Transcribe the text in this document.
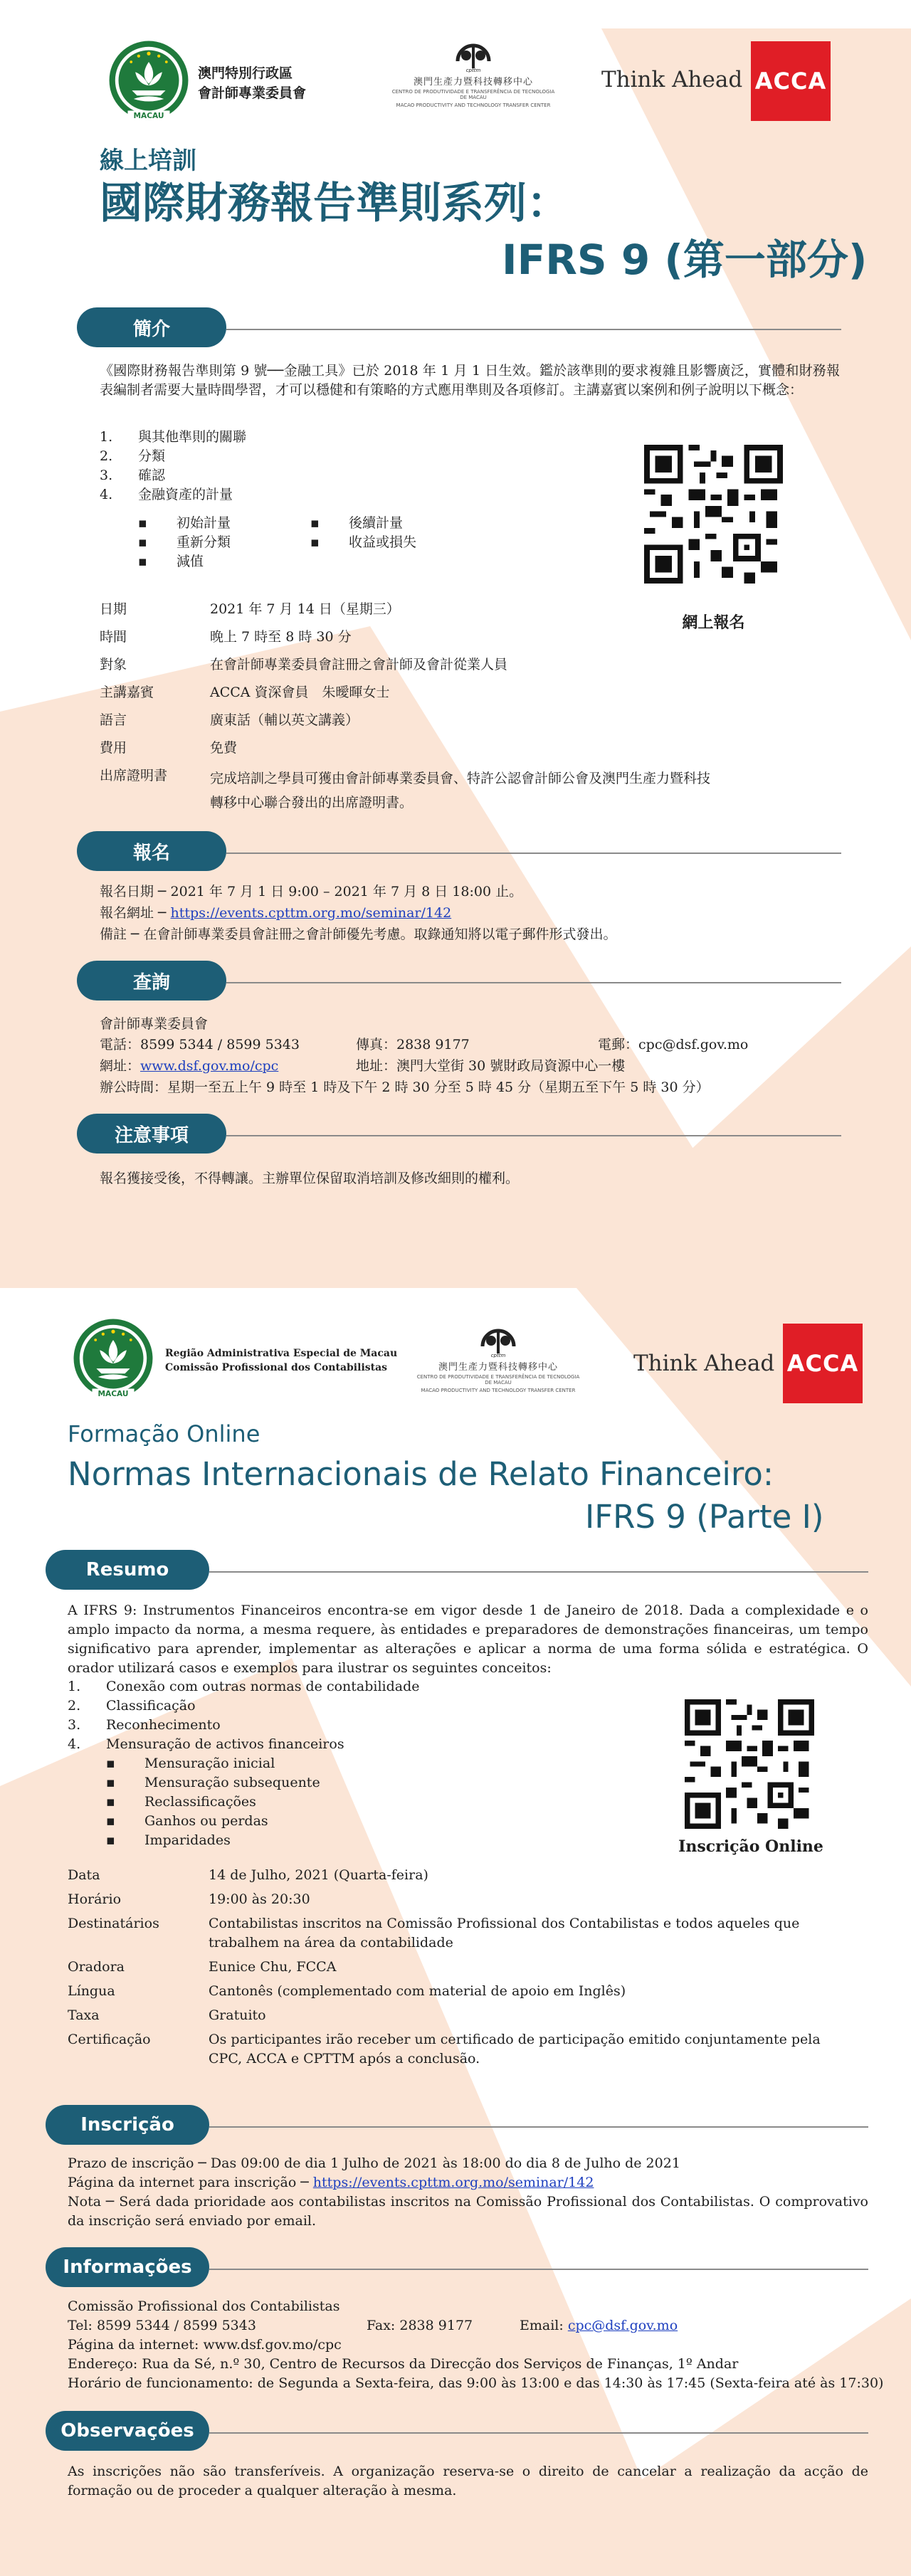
MACAU
澳門特別行政區
會計師專業委員會
cpttm
澳門生產力暨科技轉移中心
CENTRO DE PRODUTIVIDADE E TRANSFERÊNCIA DE TECNOLOGIA DE MACAU
MACAO PRODUCTIVITY AND TECHNOLOGY TRANSFER CENTER
Think Ahead ACCA
線上培訓
國際財務報告準則系列：
IFRS 9 (第一部分)
簡介
《國際財務報告準則第 9 號──金融工具》已於 2018 年 1 月 1 日生效。鑑於該準則的要求複雜且影響廣泛，實體和財務報表編制者需要大量時間學習，才可以穩健和有策略的方式應用準則及各項修訂。主講嘉賓以案例和例子說明以下概念：
1.	與其他準則的關聯
2.	分類
3.	確認
4.	金融資產的計量
▪ 初始計量
▪ 重新分類
▪ 減值
▪ 後續計量
▪ 收益或損失
網上報名
日期	2021 年 7 月 14 日（星期三）
時間	晚上 7 時至 8 時 30 分
對象	在會計師專業委員會註冊之會計師及會計從業人員
主講嘉賓	ACCA 資深會員　朱曖暉女士
語言	廣東話（輔以英文講義）
費用	免費
出席證明書	完成培訓之學員可獲由會計師專業委員會、特許公認會計師公會及澳門生產力暨科技轉移中心聯合發出的出席證明書。
報名
報名日期 ─ 2021 年 7 月 1 日 9:00 – 2021 年 7 月 8 日 18:00 止。
報名網址 ─ https://events.cpttm.org.mo/seminar/142
備註 ─ 在會計師專業委員會註冊之會計師優先考慮。取錄通知將以電子郵件形式發出。
查詢
會計師專業委員會
電話：8599 5344 / 8599 5343	傳真：2838 9177	電郵：cpc@dsf.gov.mo
網址：www.dsf.gov.mo/cpc	地址：澳門大堂街 30 號財政局資源中心一樓
辦公時間：星期一至五上午 9 時至 1 時及下午 2 時 30 分至 5 時 45 分（星期五至下午 5 時 30 分）
注意事項
報名獲接受後，不得轉讓。主辦單位保留取消培訓及修改細則的權利。
MACAU
Região Administrativa Especial de Macau
Comissão Profissional dos Contabilistas
cpttm
澳門生產力暨科技轉移中心
CENTRO DE PRODUTIVIDADE E TRANSFERÊNCIA DE TECNOLOGIA DE MACAU
MACAO PRODUCTIVITY AND TECHNOLOGY TRANSFER CENTER
Think Ahead ACCA
Formação Online
Normas Internacionais de Relato Financeiro:
IFRS 9 (Parte I)
Resumo
A IFRS 9: Instrumentos Financeiros encontra-se em vigor desde 1 de Janeiro de 2018. Dada a complexidade e o amplo impacto da norma, a mesma requere, às entidades e preparadores de demonstrações financeiras, um tempo significativo para aprender, implementar as alterações e aplicar a norma de uma forma sólida e estratégica. O orador utilizará casos e exemplos para ilustrar os seguintes conceitos:
1.	Conexão com outras normas de contabilidade
2.	Classificação
3.	Reconhecimento
4.	Mensuração de activos financeiros
▪ Mensuração inicial
▪ Mensuração subsequente
▪ Reclassificações
▪ Ganhos ou perdas
▪ Imparidades	Inscrição Online
Data	14 de Julho, 2021 (Quarta-feira)
Horário	19:00 às 20:30
Destinatários	Contabilistas inscritos na Comissão Profissional dos Contabilistas e todos aqueles que trabalhem na área da contabilidade
Oradora	Eunice Chu, FCCA
Língua	Cantonês (complementado com material de apoio em Inglês)
Taxa	Gratuito
Certificação	Os participantes irão receber um certificado de participação emitido conjuntamente pela CPC, ACCA e CPTTM após a conclusão.
Inscrição
Prazo de inscrição ─ Das 09:00 de dia 1 Julho de 2021 às 18:00 do dia 8 de Julho de 2021
Página da internet para inscrição ─ https://events.cpttm.org.mo/seminar/142
Nota ─ Será dada prioridade aos contabilistas inscritos na Comissão Profissional dos Contabilistas. O comprovativo da inscrição será enviado por email.
Informações
Comissão Profissional dos Contabilistas
Tel: 8599 5344 / 8599 5343	Fax: 2838 9177	Email: cpc@dsf.gov.mo
Página da internet: www.dsf.gov.mo/cpc
Endereço: Rua da Sé, n.º 30, Centro de Recursos da Direcção dos Serviços de Finanças, 1º Andar
Horário de funcionamento: de Segunda a Sexta-feira, das 9:00 às 13:00 e das 14:30 às 17:45 (Sexta-feira até às 17:30)
Observações
As inscrições não são transferíveis. A organização reserva-se o direito de cancelar a realização da acção de formação ou de proceder a qualquer alteração à mesma.
